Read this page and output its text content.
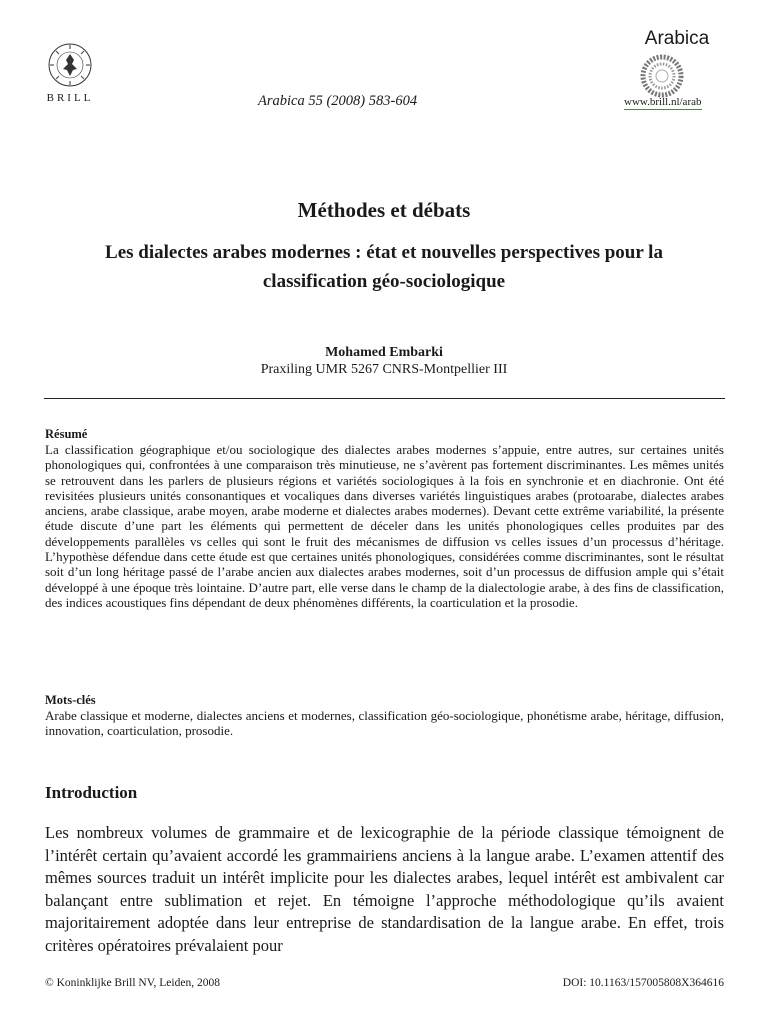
BRILL	Arabica 55 (2008) 583-604
Arabica
www.brill.nl/arab
Méthodes et débats
Les dialectes arabes modernes : état et nouvelles perspectives pour la classification géo-sociologique
Mohamed Embarki
Praxiling UMR 5267 CNRS-Montpellier III
Résumé
La classification géographique et/ou sociologique des dialectes arabes modernes s’appuie, entre autres, sur certaines unités phonologiques qui, confrontées à une comparaison très minutieuse, ne s’avèrent pas fortement discriminantes. Les mêmes unités se retrouvent dans les parlers de plusieurs régions et variétés sociologiques à la fois en synchronie et en diachronie. Ont été revisitées plusieurs unités consonantiques et vocaliques dans diverses variétés linguistiques arabes (protoarabe, dialectes arabes anciens, arabe classique, arabe moyen, arabe moderne et dialectes arabes modernes). Devant cette extrême variabilité, la présente étude discute d’une part les éléments qui permettent de déceler dans les unités phonologiques celles produites par des développements parallèles vs celles qui sont le fruit des mécanismes de diffusion vs celles issues d’un processus d’héritage. L’hypothèse défendue dans cette étude est que certaines unités phonologiques, considérées comme discriminantes, sont le résultat soit d’un long héritage passé de l’arabe ancien aux dialectes arabes modernes, soit d’un processus de diffusion ample qui s’était développé à une époque très lointaine. D’autre part, elle verse dans le champ de la dialectologie arabe, à des fins de classification, des indices acoustiques fins dépendant de deux phénomènes différents, la coarticulation et la prosodie.
Mots-clés
Arabe classique et moderne, dialectes anciens et modernes, classification géo-sociologique, phonétisme arabe, héritage, diffusion, innovation, coarticulation, prosodie.
Introduction
Les nombreux volumes de grammaire et de lexicographie de la période classique témoignent de l’intérêt certain qu’avaient accordé les grammairiens anciens à la langue arabe. L’examen attentif des mêmes sources traduit un intérêt implicite pour les dialectes arabes, lequel intérêt est ambivalent car balançant entre sublimation et rejet. En témoigne l’approche méthodologique qu’ils avaient majoritairement adoptée dans leur entreprise de standardisation de la langue arabe. En effet, trois critères opératoires prévalaient pour
© Koninklijke Brill NV, Leiden, 2008	DOI: 10.1163/157005808X364616
